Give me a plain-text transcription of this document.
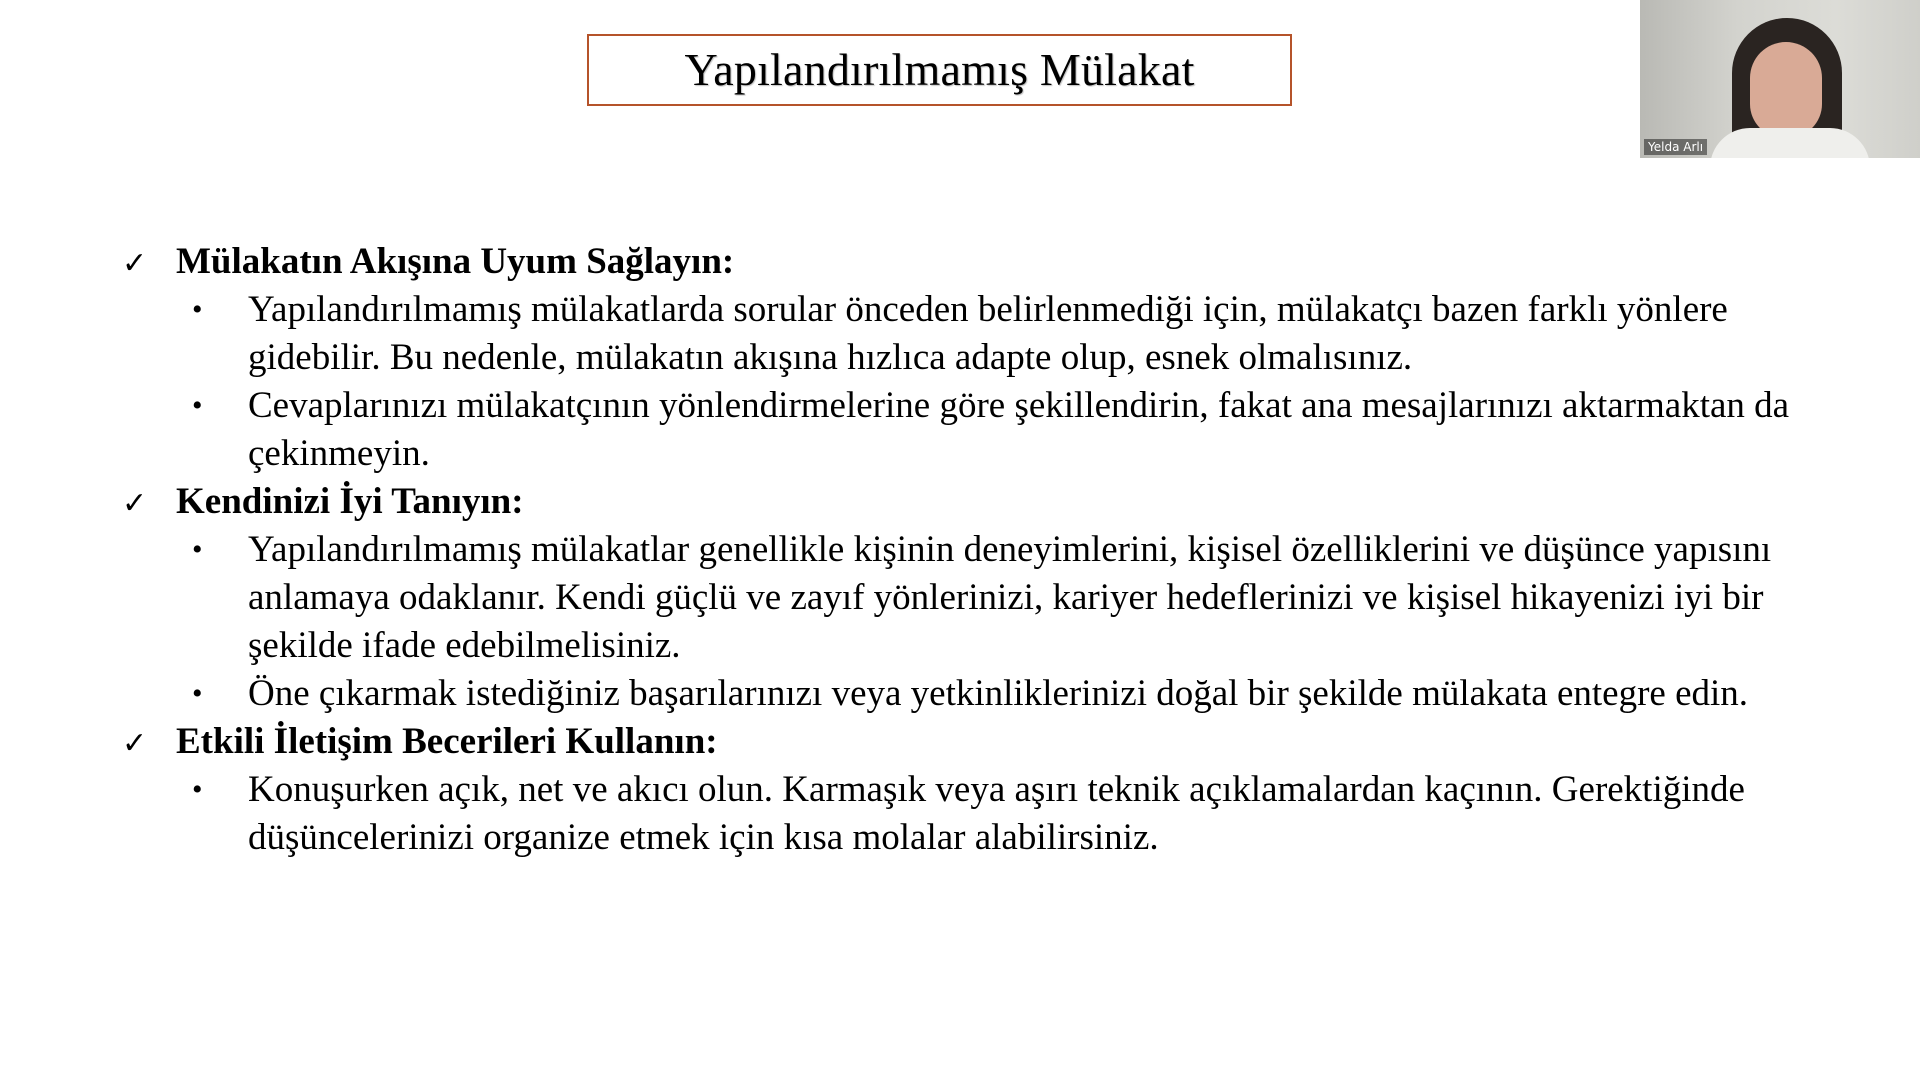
Yapılandırılmamış Mülakat
✓ Mülakatın Akışına Uyum Sağlayın:
•	Yapılandırılmamış mülakatlarda sorular önceden belirlenmediği için, mülakatçı bazen farklı yönlere gidebilir. Bu nedenle, mülakatın akışına hızlıca adapte olup, esnek olmalısınız.
•	Cevaplarınızı mülakatçının yönlendirmelerine göre şekillendirin, fakat ana mesajlarınızı aktarmaktan da çekinmeyin.
✓ Kendinizi İyi Tanıyın:
•	Yapılandırılmamış mülakatlar genellikle kişinin deneyimlerini, kişisel özelliklerini ve düşünce yapısını anlamaya odaklanır. Kendi güçlü ve zayıf yönlerinizi, kariyer hedeflerinizi ve kişisel hikayenizi iyi bir şekilde ifade edebilmelisiniz.
•	Öne çıkarmak istediğiniz başarılarınızı veya yetkinliklerinizi doğal bir şekilde mülakata entegre edin.
✓ Etkili İletişim Becerileri Kullanın:
•	Konuşurken açık, net ve akıcı olun. Karmaşık veya aşırı teknik açıklamalardan kaçının. Gerektiğinde düşüncelerinizi organize etmek için kısa molalar alabilirsiniz.
Yelda Arlı
